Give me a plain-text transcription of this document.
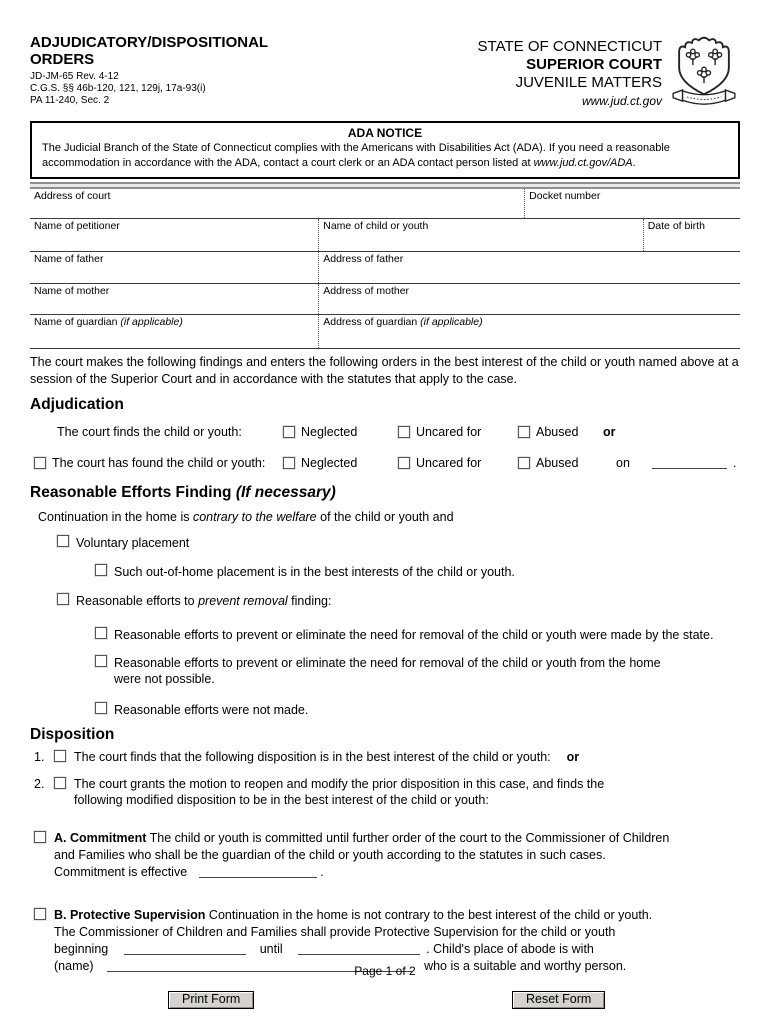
ADJUDICATORY/DISPOSITIONAL
ORDERS
JD-JM-65 Rev. 4-12
C.G.S. §§ 46b-120, 121, 129j, 17a-93(i)
PA 11-240, Sec. 2
STATE OF CONNECTICUT
SUPERIOR COURT
JUVENILE MATTERS
www.jud.ct.gov
ADA NOTICE
The Judicial Branch of the State of Connecticut complies with the Americans with Disabilities Act (ADA). If you need a reasonable accommodation in accordance with the ADA, contact a court clerk or an ADA contact person listed at www.jud.ct.gov/ADA.
Address of court	Docket number
Name of petitioner	Name of child or youth	Date of birth
Name of father	Address of father
Name of mother	Address of mother
Name of guardian (if applicable)	Address of guardian (if applicable)
The court makes the following findings and enters the following orders in the best interest of the child or youth named above at a session of the Superior Court and in accordance with the statutes that apply to the case.
Adjudication
The court finds the child or youth:	Neglected	Uncared for	Abused or
The court has found the child or youth:	Neglected	Uncared for	Abused	on	.
Reasonable Efforts Finding (If necessary)
Continuation in the home is contrary to the welfare of the child or youth and
Voluntary placement
Such out-of-home placement is in the best interests of the child or youth.
Reasonable efforts to prevent removal finding:
Reasonable efforts to prevent or eliminate the need for removal of the child or youth were made by the state.
Reasonable efforts to prevent or eliminate the need for removal of the child or youth from the home
were not possible.
Reasonable efforts were not made.
Disposition
1. The court finds that the following disposition is in the best interest of the child or youth: or
2. The court grants the motion to reopen and modify the prior disposition in this case, and finds the
following modified disposition to be in the best interest of the child or youth:
A. Commitment The child or youth is committed until further order of the court to the Commissioner of Children
and Families who shall be the guardian of the child or youth according to the statutes in such cases.
Commitment is effective	.
B. Protective Supervision Continuation in the home is not contrary to the best interest of the child or youth.
The Commissioner of Children and Families shall provide Protective Supervision for the child or youth
beginning	until	. Child's place of abode is with
(name)	who is a suitable and worthy person.
Page 1 of 2
Print Form	Reset Form
